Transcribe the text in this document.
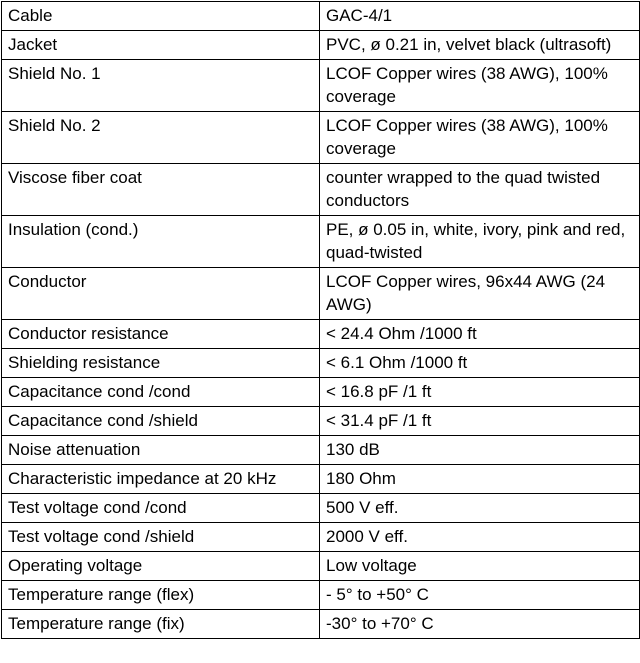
Cable	GAC-4/1
Jacket	PVC, ø 0.21 in, velvet black (ultrasoft)
Shield No. 1	LCOF Copper wires (38 AWG), 100% coverage
Shield No. 2	LCOF Copper wires (38 AWG), 100% coverage
Viscose fiber coat	counter wrapped to the quad twisted conductors
Insulation (cond.)	PE, ø 0.05 in, white, ivory, pink and red, quad-twisted
Conductor	LCOF Copper wires, 96x44 AWG (24 AWG)
Conductor resistance	< 24.4 Ohm /1000 ft
Shielding resistance	< 6.1 Ohm /1000 ft
Capacitance cond /cond	< 16.8 pF /1 ft
Capacitance cond /shield	< 31.4 pF /1 ft
Noise attenuation	130 dB
Characteristic impedance at 20 kHz	180 Ohm
Test voltage cond /cond	500 V eff.
Test voltage cond /shield	2000 V eff.
Operating voltage	Low voltage
Temperature range (flex)	- 5° to +50° C
Temperature range (fix)	-30° to +70° C
